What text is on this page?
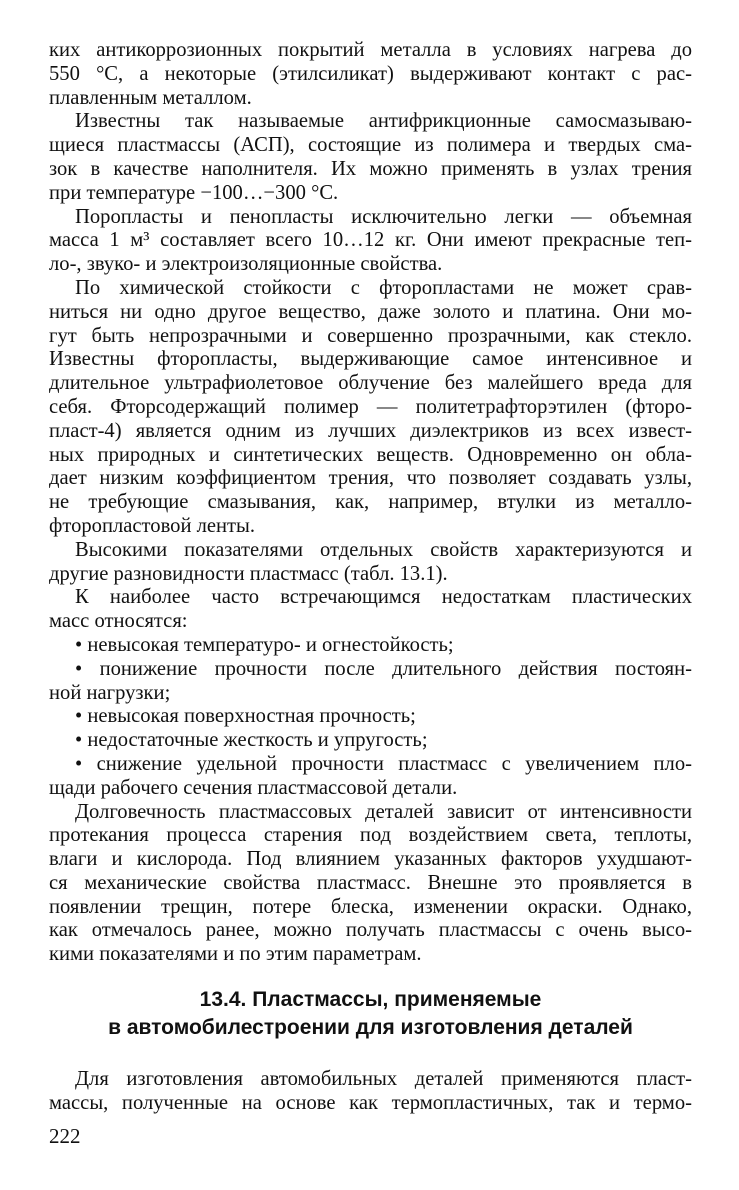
ких антикоррозионных покрытий металла в условиях нагрева до
550 °С, а некоторые (этилсиликат) выдерживают контакт с рас-
плавленным металлом.
Известны так называемые антифрикционные самосмазываю-
щиеся пластмассы (АСП), состоящие из полимера и твердых сма-
зок в качестве наполнителя. Их можно применять в узлах трения
при температуре −100…−300 °С.
Поропласты и пенопласты исключительно легки — объемная
масса 1 м³ составляет всего 10…12 кг. Они имеют прекрасные теп-
ло-, звуко- и электроизоляционные свойства.
По химической стойкости с фторопластами не может срав-
ниться ни одно другое вещество, даже золото и платина. Они мо-
гут быть непрозрачными и совершенно прозрачными, как стекло.
Известны фторопласты, выдерживающие самое интенсивное и
длительное ультрафиолетовое облучение без малейшего вреда для
себя. Фторсодержащий полимер — политетрафторэтилен (фторо-
пласт-4) является одним из лучших диэлектриков из всех извест-
ных природных и синтетических веществ. Одновременно он обла-
дает низким коэффициентом трения, что позволяет создавать узлы,
не требующие смазывания, как, например, втулки из металло-
фторопластовой ленты.
Высокими показателями отдельных свойств характеризуются и
другие разновидности пластмасс (табл. 13.1).
К наиболее часто встречающимся недостаткам пластических
масс относятся:
• невысокая температуро- и огнестойкость;
• понижение прочности после длительного действия постоян-
ной нагрузки;
• невысокая поверхностная прочность;
• недостаточные жесткость и упругость;
• снижение удельной прочности пластмасс с увеличением пло-
щади рабочего сечения пластмассовой детали.
Долговечность пластмассовых деталей зависит от интенсивности
протекания процесса старения под воздействием света, теплоты,
влаги и кислорода. Под влиянием указанных факторов ухудшают-
ся механические свойства пластмасс. Внешне это проявляется в
появлении трещин, потере блеска, изменении окраски. Однако,
как отмечалось ранее, можно получать пластмассы с очень высо-
кими показателями и по этим параметрам.
13.4. Пластмассы, применяемые
в автомобилестроении для изготовления деталей
Для изготовления автомобильных деталей применяются пласт-
массы, полученные на основе как термопластичных, так и термо-
222
